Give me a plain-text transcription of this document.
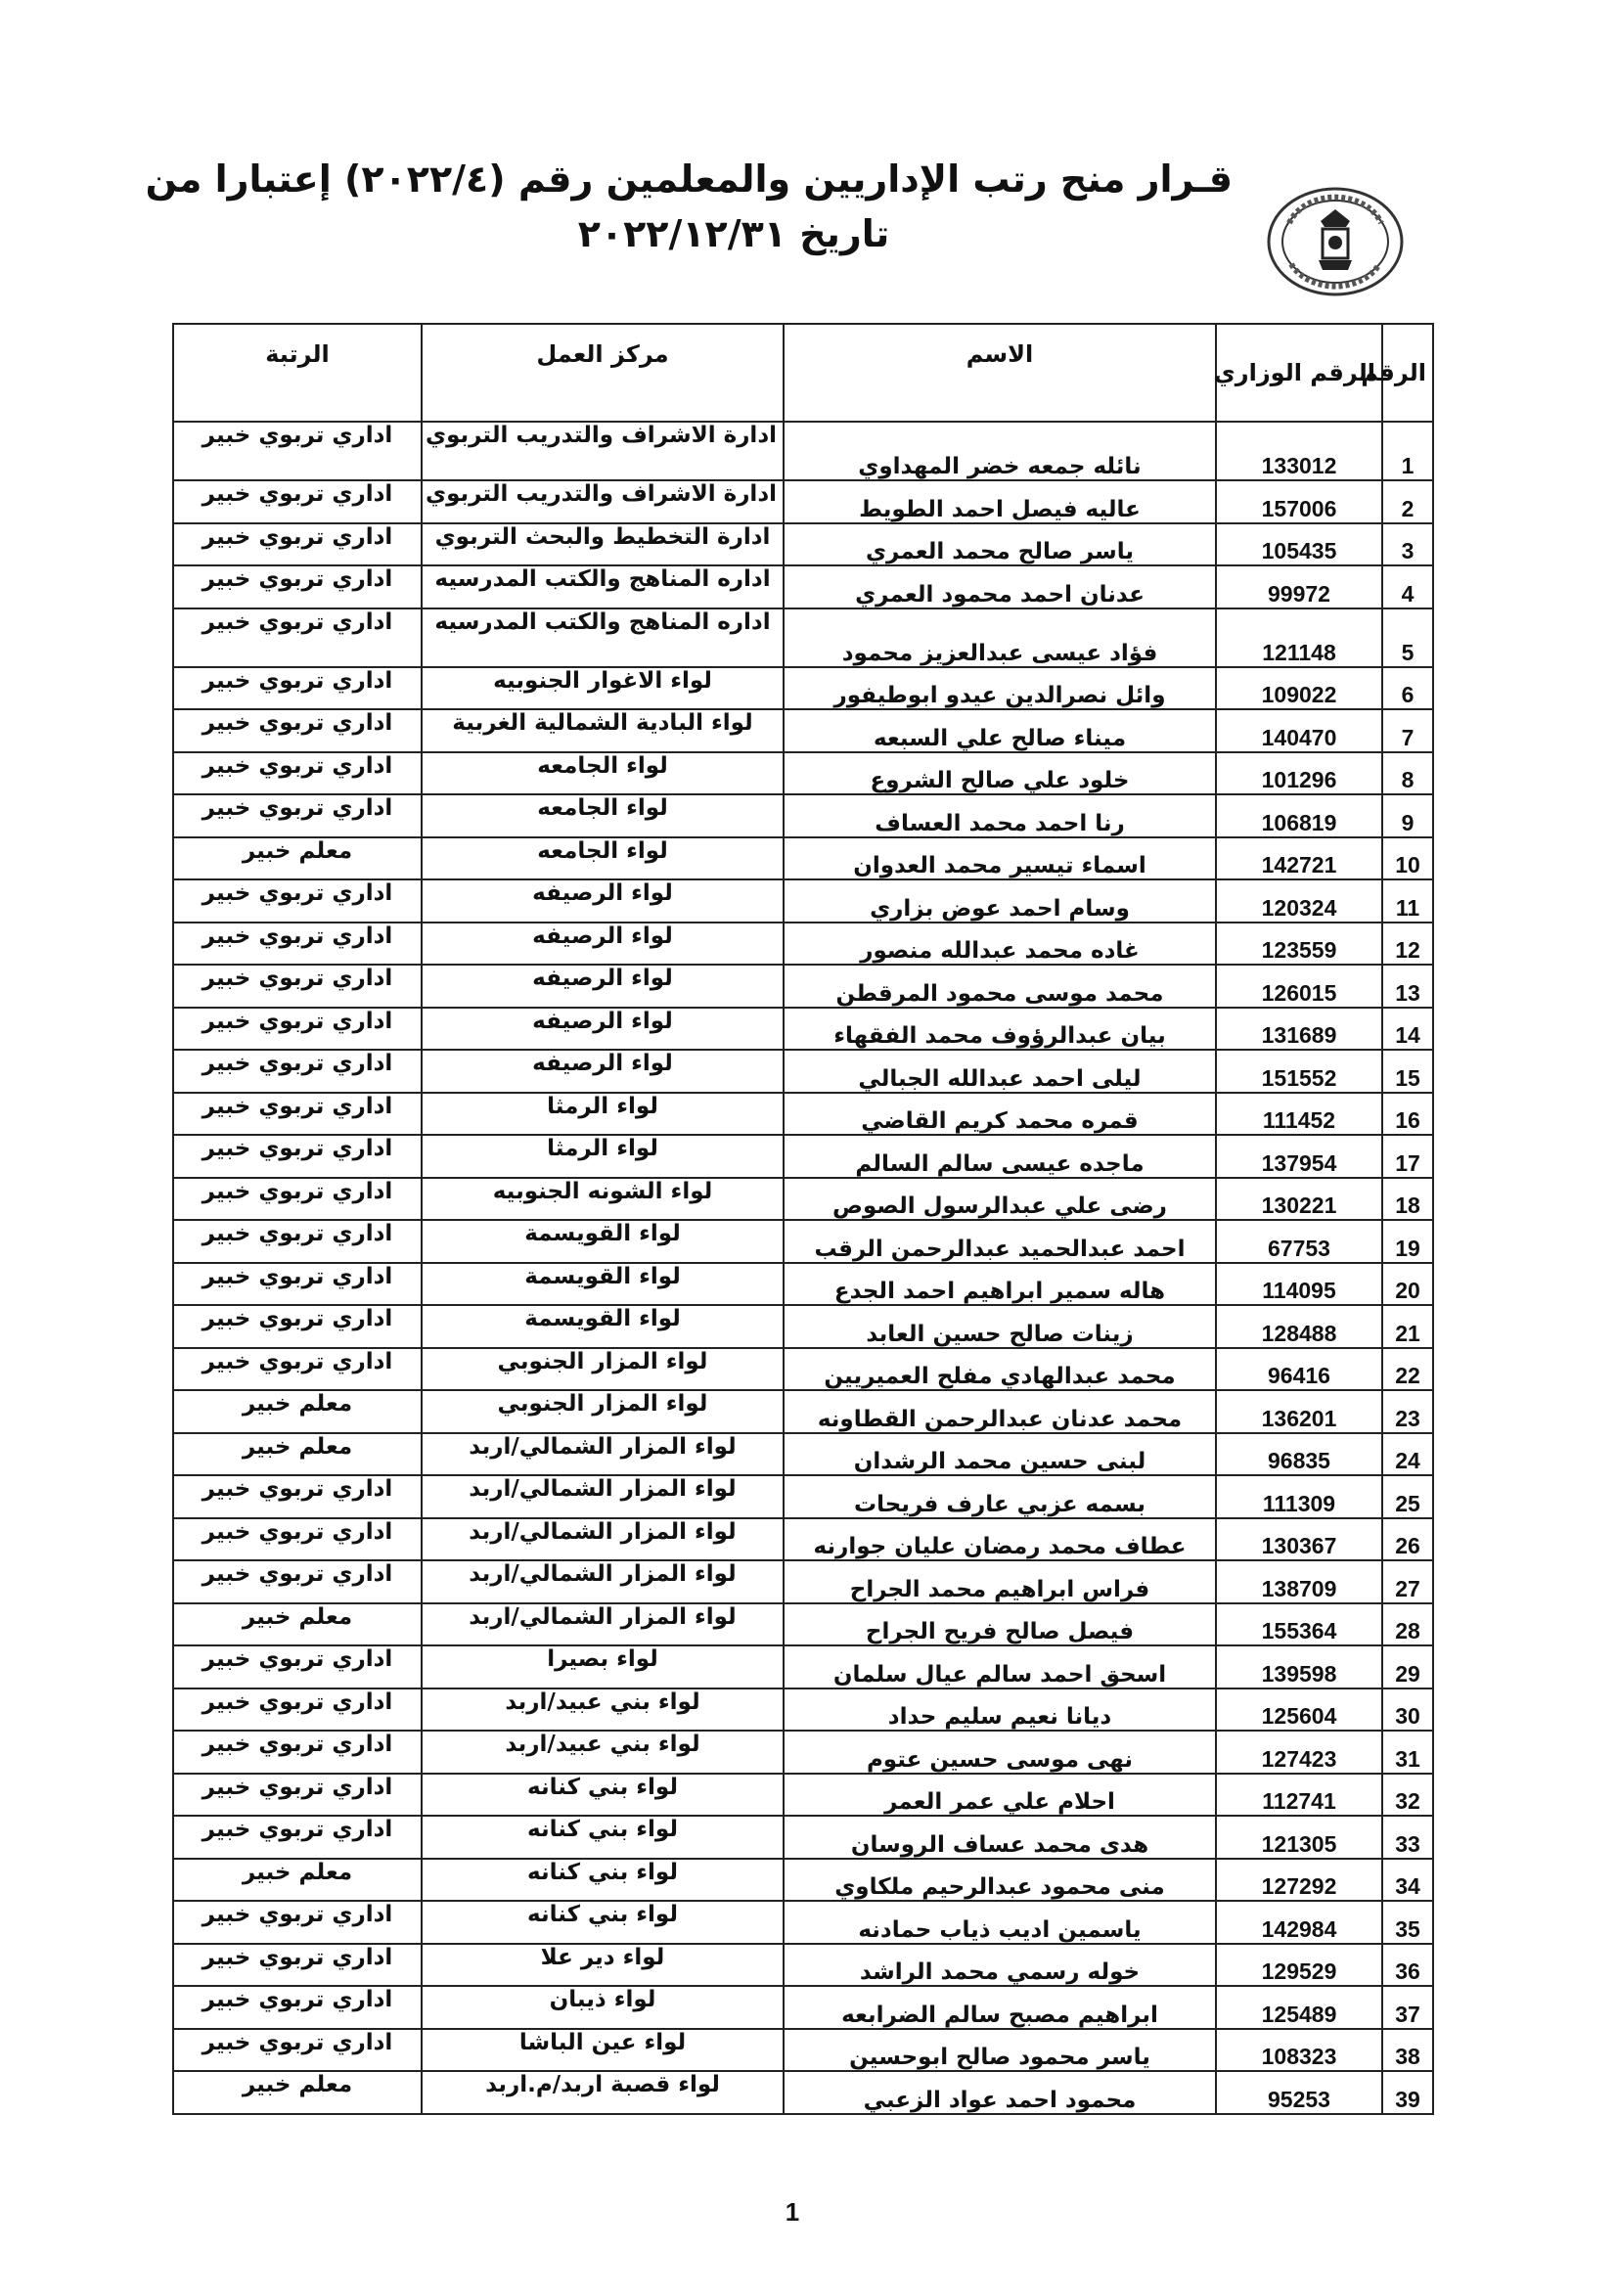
قـرار منح رتب الإداريين والمعلمين رقم (٢٠٢٢/٤) إعتبارا من
تاريخ ٢٠٢٢/١٢/٣١
الرقم	الرقم الوزاري	الاسم	مركز العمل	الرتبة
1	133012	نائله جمعه خضر المهداوي	ادارة الاشراف والتدريب التربوي	اداري تربوي خبير
2	157006	عاليه فيصل احمد الطويط	ادارة الاشراف والتدريب التربوي	اداري تربوي خبير
3	105435	ياسر صالح محمد العمري	ادارة التخطيط والبحث التربوي	اداري تربوي خبير
4	99972	عدنان احمد محمود العمري	اداره المناهج والكتب المدرسيه	اداري تربوي خبير
5	121148	فؤاد عيسى عبدالعزيز محمود	اداره المناهج والكتب المدرسيه	اداري تربوي خبير
6	109022	وائل نصرالدين عيدو ابوطيفور	لواء الاغوار الجنوبيه	اداري تربوي خبير
7	140470	ميناء صالح علي السبعه	لواء البادية الشمالية الغربية	اداري تربوي خبير
8	101296	خلود علي صالح الشروع	لواء الجامعه	اداري تربوي خبير
9	106819	رنا احمد محمد العساف	لواء الجامعه	اداري تربوي خبير
10	142721	اسماء تيسير محمد العدوان	لواء الجامعه	معلم خبير
11	120324	وسام احمد عوض بزاري	لواء الرصيفه	اداري تربوي خبير
12	123559	غاده محمد عبدالله منصور	لواء الرصيفه	اداري تربوي خبير
13	126015	محمد موسى محمود المرقطن	لواء الرصيفه	اداري تربوي خبير
14	131689	بيان عبدالرؤوف محمد الفقهاء	لواء الرصيفه	اداري تربوي خبير
15	151552	ليلى احمد عبدالله الجبالي	لواء الرصيفه	اداري تربوي خبير
16	111452	قمره محمد كريم القاضي	لواء الرمثا	اداري تربوي خبير
17	137954	ماجده عيسى سالم السالم	لواء الرمثا	اداري تربوي خبير
18	130221	رضى علي عبدالرسول الصوص	لواء الشونه الجنوبيه	اداري تربوي خبير
19	67753	احمد عبدالحميد عبدالرحمن الرقب	لواء القويسمة	اداري تربوي خبير
20	114095	هاله سمير ابراهيم احمد الجدع	لواء القويسمة	اداري تربوي خبير
21	128488	زينات صالح حسين العابد	لواء القويسمة	اداري تربوي خبير
22	96416	محمد عبدالهادي مفلح العميريين	لواء المزار الجنوبي	اداري تربوي خبير
23	136201	محمد عدنان عبدالرحمن القطاونه	لواء المزار الجنوبي	معلم خبير
24	96835	لبنى حسين محمد الرشدان	لواء المزار الشمالي/اربد	معلم خبير
25	111309	بسمه عزبي عارف فريحات	لواء المزار الشمالي/اربد	اداري تربوي خبير
26	130367	عطاف محمد رمضان عليان جوارنه	لواء المزار الشمالي/اربد	اداري تربوي خبير
27	138709	فراس ابراهيم محمد الجراح	لواء المزار الشمالي/اربد	اداري تربوي خبير
28	155364	فيصل صالح فريح الجراح	لواء المزار الشمالي/اربد	معلم خبير
29	139598	اسحق احمد سالم عيال سلمان	لواء بصيرا	اداري تربوي خبير
30	125604	ديانا نعيم سليم حداد	لواء بني عبيد/اربد	اداري تربوي خبير
31	127423	نهى موسى حسين عتوم	لواء بني عبيد/اربد	اداري تربوي خبير
32	112741	احلام علي عمر العمر	لواء بني كنانه	اداري تربوي خبير
33	121305	هدى محمد عساف الروسان	لواء بني كنانه	اداري تربوي خبير
34	127292	منى محمود عبدالرحيم ملكاوي	لواء بني كنانه	معلم خبير
35	142984	ياسمين اديب ذياب حمادنه	لواء بني كنانه	اداري تربوي خبير
36	129529	خوله رسمي محمد الراشد	لواء دير علا	اداري تربوي خبير
37	125489	ابراهيم مصبح سالم الضرابعه	لواء ذيبان	اداري تربوي خبير
38	108323	ياسر محمود صالح ابوحسين	لواء عين الباشا	اداري تربوي خبير
39	95253	محمود احمد عواد الزعبي	لواء قصبة اربد/م.اربد	معلم خبير
1
